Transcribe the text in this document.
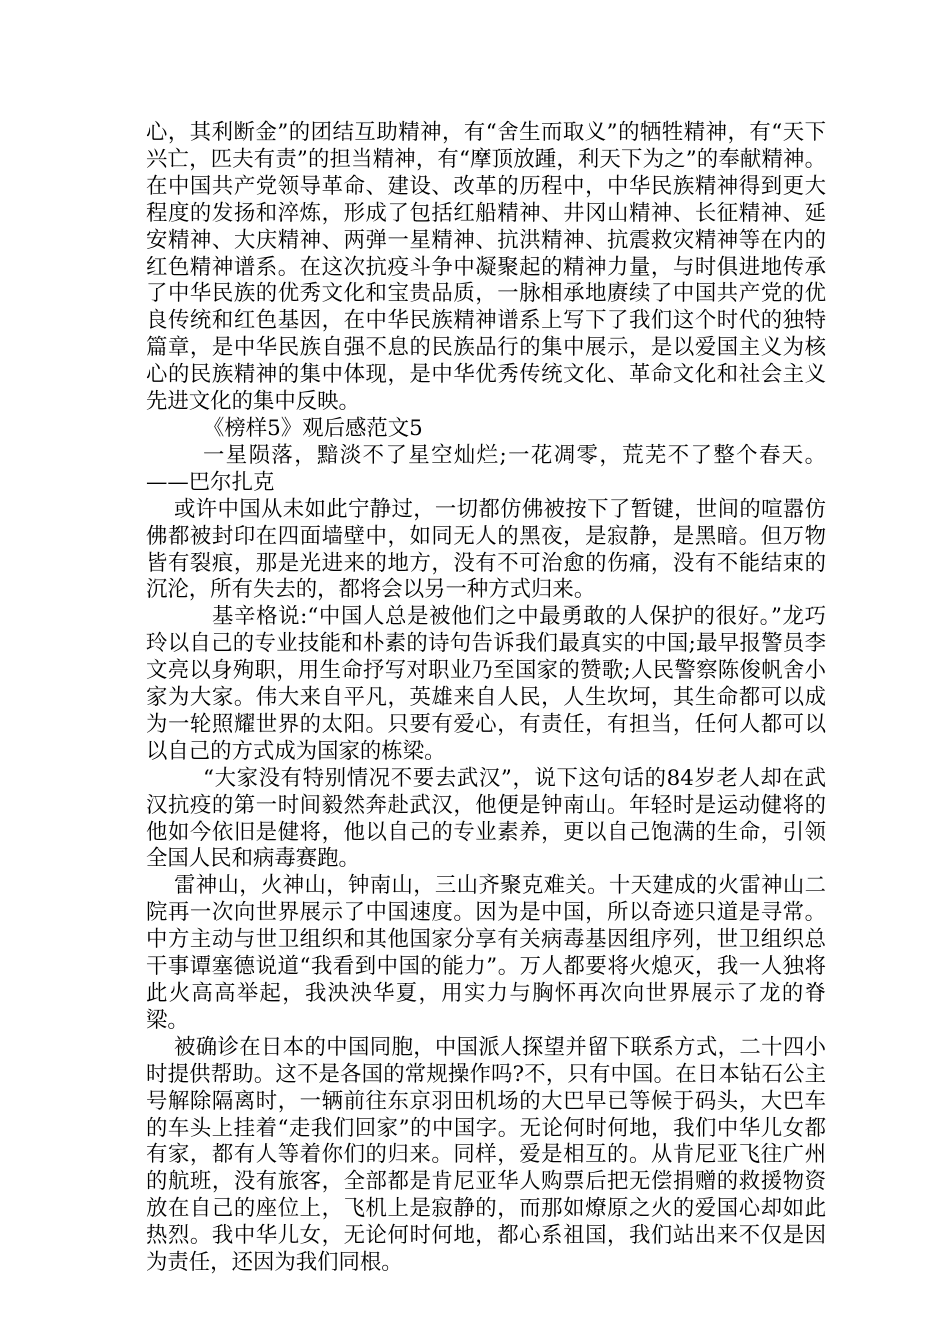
心，其利断金”的团结互助精神，有“舍生而取义”的牺牲精神，有“天下兴亡，匹夫有责”的担当精神，有“摩顶放踵，利天下为之”的奉献精神。在中国共产党领导革命、建设、改革的历程中，中华民族精神得到更大程度的发扬和淬炼，形成了包括红船精神、井冈山精神、长征精神、延安精神、大庆精神、两弹一星精神、抗洪精神、抗震救灾精神等在内的红色精神谱系。在这次抗疫斗争中凝聚起的精神力量，与时俱进地传承了中华民族的优秀文化和宝贵品质，一脉相承地赓续了中国共产党的优良传统和红色基因，在中华民族精神谱系上写下了我们这个时代的独特篇章，是中华民族自强不息的民族品行的集中展示，是以爱国主义为核心的民族精神的集中体现，是中华优秀传统文化、革命文化和社会主义先进文化的集中反映。

《榜样5》观后感范文5

一星陨落，黯淡不了星空灿烂;一花凋零，荒芜不了整个春天。——巴尔扎克

或许中国从未如此宁静过，一切都仿佛被按下了暂键，世间的喧嚣仿佛都被封印在四面墙壁中，如同无人的黑夜，是寂静，是黑暗。但万物皆有裂痕，那是光进来的地方，没有不可治愈的伤痛，没有不能结束的沉沦，所有失去的，都将会以另一种方式归来。

基辛格说:“中国人总是被他们之中最勇敢的人保护的很好。”龙巧玲以自己的专业技能和朴素的诗句告诉我们最真实的中国;最早报警员李文亮以身殉职，用生命抒写对职业乃至国家的赞歌;人民警察陈俊帆舍小家为大家。伟大来自平凡，英雄来自人民，人生坎坷，其生命都可以成为一轮照耀世界的太阳。只要有爱心，有责任，有担当，任何人都可以以自己的方式成为国家的栋梁。

“大家没有特别情况不要去武汉”，说下这句话的84岁老人却在武汉抗疫的第一时间毅然奔赴武汉，他便是钟南山。年轻时是运动健将的他如今依旧是健将，他以自己的专业素养，更以自己饱满的生命，引领全国人民和病毒赛跑。

雷神山，火神山，钟南山，三山齐聚克难关。十天建成的火雷神山二院再一次向世界展示了中国速度。因为是中国，所以奇迹只道是寻常。中方主动与世卫组织和其他国家分享有关病毒基因组序列，世卫组织总干事谭塞德说道“我看到中国的能力”。万人都要将火熄灭，我一人独将此火高高举起，我泱泱华夏，用实力与胸怀再次向世界展示了龙的脊梁。

被确诊在日本的中国同胞，中国派人探望并留下联系方式，二十四小时提供帮助。这不是各国的常规操作吗?不，只有中国。在日本钻石公主号解除隔离时，一辆前往东京羽田机场的大巴早已等候于码头，大巴车的车头上挂着“走我们回家”的中国字。无论何时何地，我们中华儿女都有家，都有人等着你们的归来。同样，爱是相互的。从肯尼亚飞往广州的航班，没有旅客，全部都是肯尼亚华人购票后把无偿捐赠的救援物资放在自己的座位上，飞机上是寂静的，而那如燎原之火的爱国心却如此热烈。我中华儿女，无论何时何地，都心系祖国，我们站出来不仅是因为责任，还因为我们同根。
